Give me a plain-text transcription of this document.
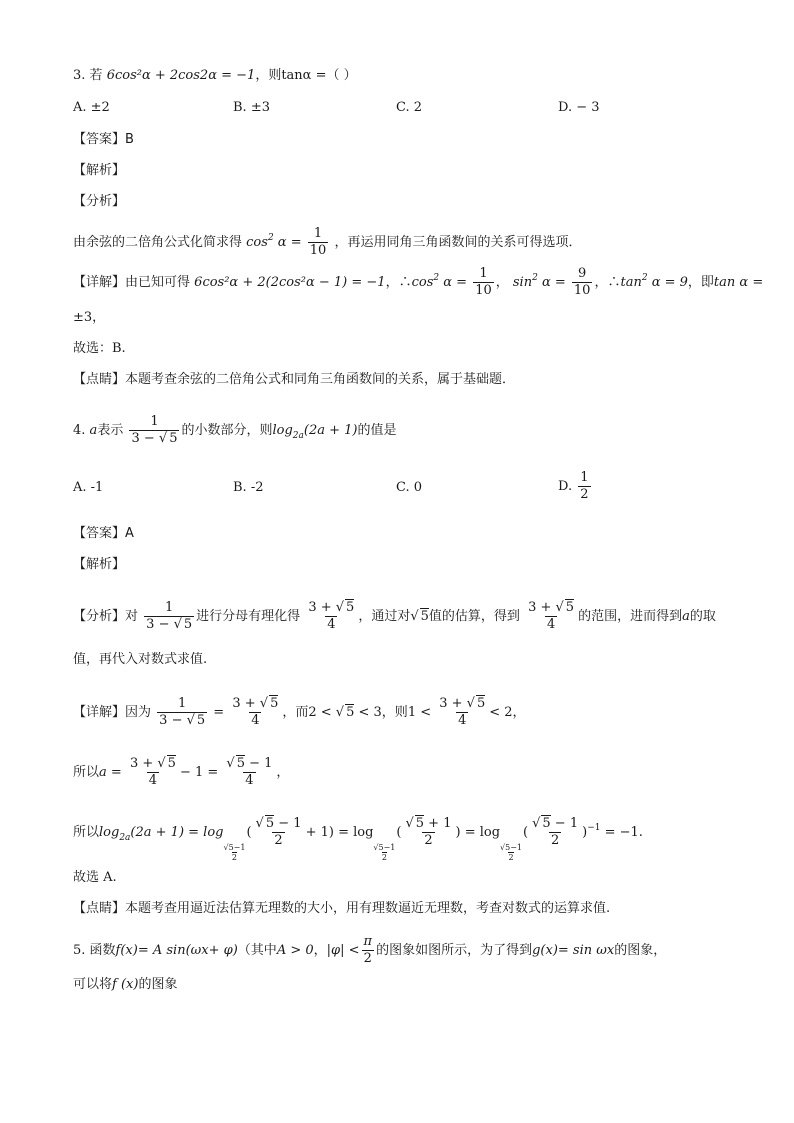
3. 若 6cos²α + 2cos2α = −1，则tanα =（ ）
A. ±2	B. ±3	C. 2	D. − 3
【答案】B
【解析】
【分析】
由余弦的二倍角公式化简求得 $\cos^2 \alpha = \frac{1}{10}$ ，再运用同角三角函数间的关系可得选项．
【详解】由已知可得 6cos²α + 2(2cos²α − 1) = −1，$\therefore\cos^2$ $\alpha = \frac{1}{10}$ ， $\sin^2 \alpha = \frac{9}{10}$ ，$\therefore\tan^2$ α = 9，即tan α =
±3，
故选：B.
【点睛】本题考查余弦的二倍角公式和同角三角函数间的关系，属于基础题．
4. a表示 $\frac{1}{3 - √ 5}$ 的小数部分，则$\log_{2a}(2a + 1)$的值是
A. -1	B. -2	C. 0	D. $\frac{1}{2}$
【答案】A
【解析】
【分析】对 $\frac{1}{3 - √ 5}$ 进行分母有理化得 $\frac{3 + √ 5}{4}$ ，通过对√ 5值的估算，得到 $\frac{3 + √ 5}{4}$ 的范围，进而得到a的取
值，再代入对数式求值.
【详解】因为 $\frac{1}{3 - √ 5} = \frac{3 + √ 5}{4}$ ，而2 < √ 5 < 3，则$1 < \frac{3 + √ 5}{4} < 2$，
所以$a = \frac{3 + √ 5}{4} - 1 = \frac{√ 5 - 1}{4}$ ，
所以$\log_{2a}(2a + 1) = \log$
$\frac{√5-1}{2}$
( $\frac{√ 5 - 1}{2} + 1) = \log$
$\frac{√5-1}{2}$
( $\frac{√ 5 + 1}{2}$ ) = log
$\frac{√5-1}{2}$
( $\frac{√ 5 - 1}{2} )^{-1} = -1$.
故选 A.
【点睛】本题考查用逼近法估算无理数的大小，用有理数逼近无理数，考查对数式的运算求值.
5. 函数f(x)= A sin(ωx+ φ)（其中A > 0，$|\varphi| < \frac{\pi}{2}$ 的图象如图所示，为了得到g(x)= sin ωx的图象，
可以将f (x)的图象
